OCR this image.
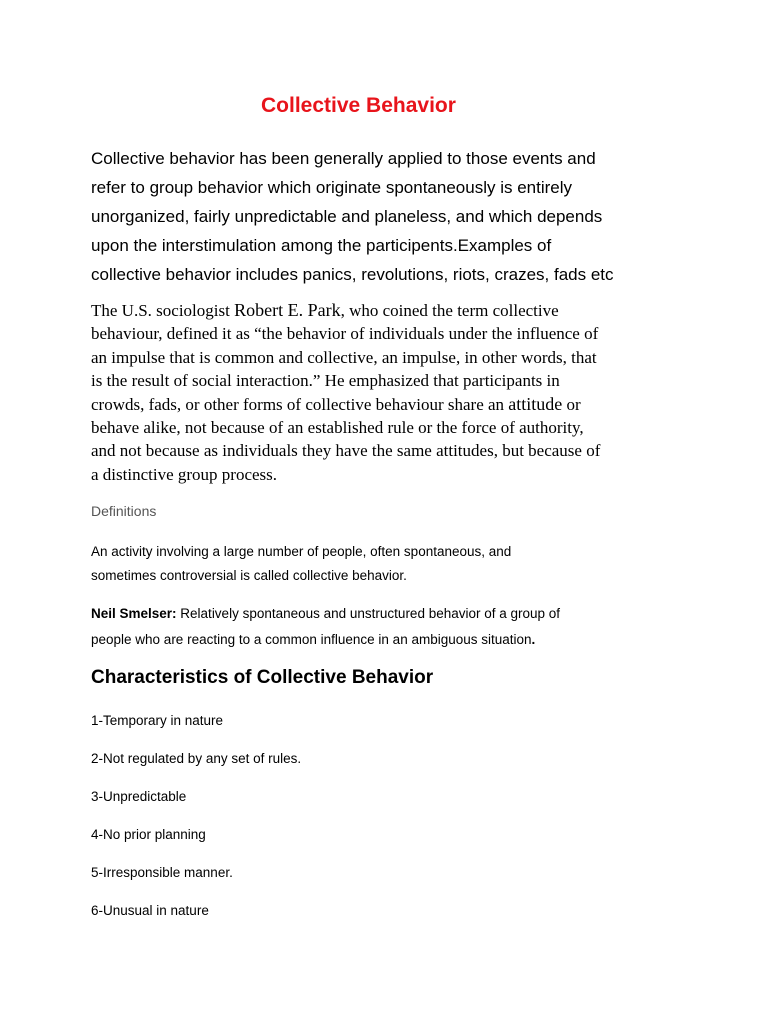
Collective Behavior
Collective behavior has been generally applied to those events and
refer to group behavior which originate spontaneously is entirely
unorganized, fairly unpredictable and planeless, and which depends
upon the interstimulation among the participents.Examples of
collective behavior includes panics, revolutions, riots, crazes, fads etc
The U.S. sociologist Robert E. Park, who coined the term collective
behaviour, defined it as “the behavior of individuals under the influence of
an impulse that is common and collective, an impulse, in other words, that
is the result of social interaction.” He emphasized that participants in
crowds, fads, or other forms of collective behaviour share an attitude or
behave alike, not because of an established rule or the force of authority,
and not because as individuals they have the same attitudes, but because of
a distinctive group process.
Definitions
An activity involving a large number of people, often spontaneous, and
sometimes controversial is called collective behavior.
Neil Smelser: Relatively spontaneous and unstructured behavior of a group of
people who are reacting to a common influence in an ambiguous situation.
Characteristics of Collective Behavior
1-Temporary in nature
2-Not regulated by any set of rules.
3-Unpredictable
4-No prior planning
5-Irresponsible manner.
6-Unusual in nature
